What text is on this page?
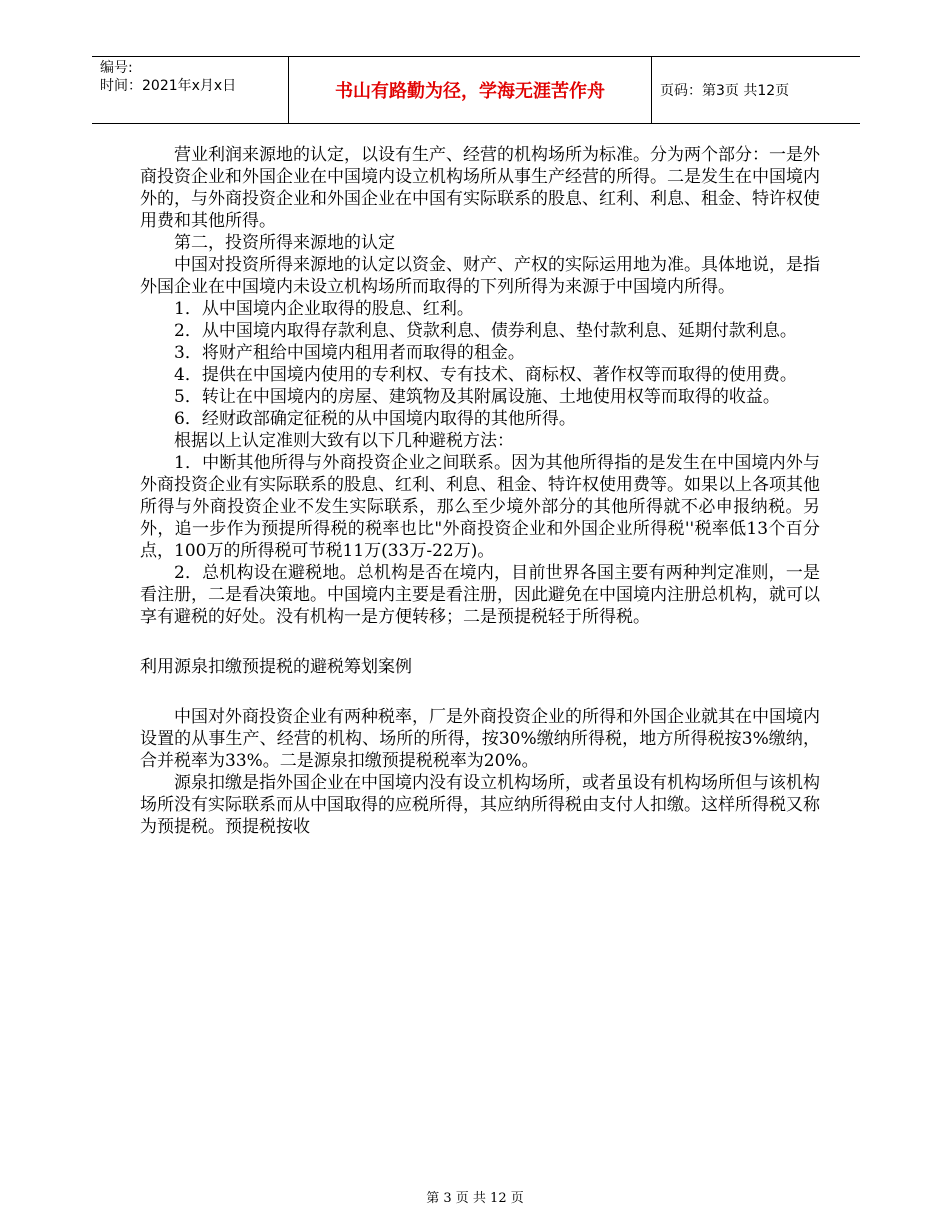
编号:
时间：2021年x月x日	书山有路勤为径，学海无涯苦作舟	页码：第3页 共12页

营业利润来源地的认定，以设有生产、经营的机构场所为标准。分为两个部分：一是外商投资企业和外国企业在中国境内设立机构场所从事生产经营的所得。二是发生在中国境内外的，与外商投资企业和外国企业在中国有实际联系的股息、红利、利息、租金、特许权使用费和其他所得。

第二，投资所得来源地的认定

中国对投资所得来源地的认定以资金、财产、产权的实际运用地为准。具体地说，是指外国企业在中国境内未设立机构场所而取得的下列所得为来源于中国境内所得。

1．从中国境内企业取得的股息、红利。

2．从中国境内取得存款利息、贷款利息、债券利息、垫付款利息、延期付款利息。

3．将财产租给中国境内租用者而取得的租金。

4．提供在中国境内使用的专利权、专有技术、商标权、著作权等而取得的使用费。

5．转让在中国境内的房屋、建筑物及其附属设施、土地使用权等而取得的收益。

6．经财政部确定征税的从中国境内取得的其他所得。

根据以上认定准则大致有以下几种避税方法：

1．中断其他所得与外商投资企业之间联系。因为其他所得指的是发生在中国境内外与外商投资企业有实际联系的股息、红利、利息、租金、特许权使用费等。如果以上各项其他所得与外商投资企业不发生实际联系，那么至少境外部分的其他所得就不必申报纳税。另外，追一步作为预提所得税的税率也比"外商投资企业和外国企业所得税''税率低13个百分点，100万的所得税可节税11万(33万-22万)。

2．总机构设在避税地。总机构是否在境内，目前世界各国主要有两种判定准则，一是看注册，二是看决策地。中国境内主要是看注册，因此避免在中国境内注册总机构，就可以享有避税的好处。没有机构一是方便转移；二是预提税轻于所得税。

利用源泉扣缴预提税的避税筹划案例

中国对外商投资企业有两种税率，厂是外商投资企业的所得和外国企业就其在中国境内设置的从事生产、经营的机构、场所的所得，按30%缴纳所得税，地方所得税按3%缴纳，合并税率为33%。二是源泉扣缴预提税税率为20%。

源泉扣缴是指外国企业在中国境内没有设立机构场所，或者虽设有机构场所但与该机构场所没有实际联系而从中国取得的应税所得，其应纳所得税由支付人扣缴。这样所得税又称为预提税。预提税按收

第 3 页 共 12 页
